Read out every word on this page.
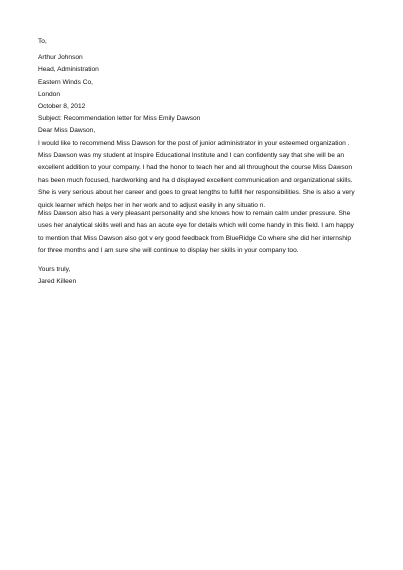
To,
Arthur Johnson
Head, Administration
Eastern Winds Co,
London
October 8, 2012
Subject: Recommendation letter for Miss Emily Dawson
Dear Miss Dawson,
I would like to recommend Miss Dawson for the post of junior administrator in your esteemed organization .
Miss Dawson was my student at Inspire Educational Institute and I can confidently say that she will be an
excellent addition to your company. I had the honor to teach her and all throughout the course Miss Dawson
has been much focused, hardworking and ha d displayed excellent communication and organizational skills.
She is very serious about her career and goes to great lengths to fulfill her responsibilities. She is also a very
quick learner which helps her in her work and to adjust easily in any situatio n.
Miss Dawson also has a very pleasant personality and she knows how to remain calm under pressure. She
uses her analytical skills well and has an acute eye for details which will come handy in this field. I am happy
to mention that Miss Dawson also got v ery good feedback from BlueRidge Co where she did her internship
for three months and I am sure she will continue to display her skills in your company too.
Yours truly,
Jared Killeen
